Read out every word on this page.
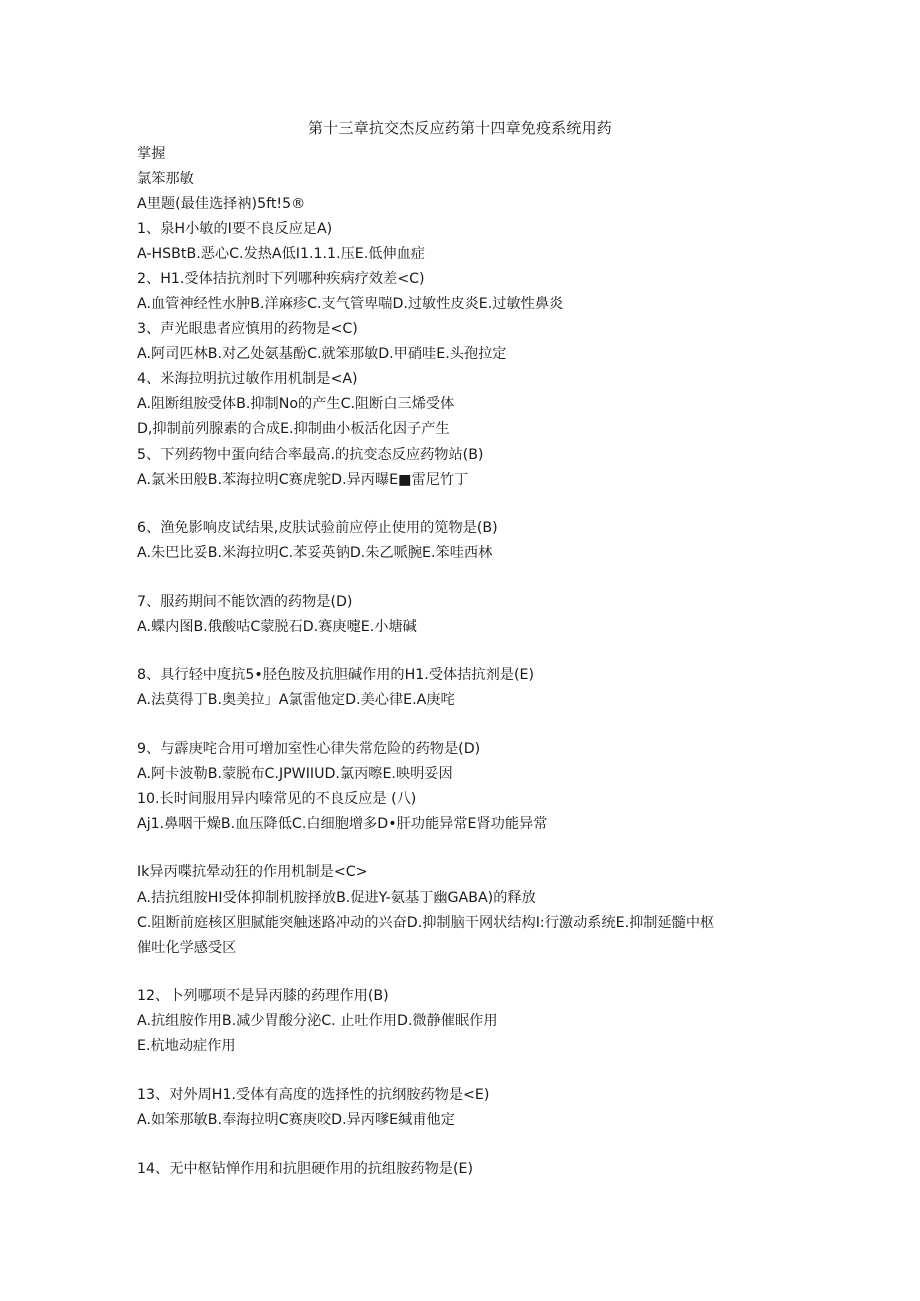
第十三章抗交杰反应药第十四章免疫系统用药
掌握
氯笨那敏
A里题(最佳选择衲)5ft!5®
1、泉H小敏的I要不良反应足A)
A-HSBtB.恶心C.发热A低I1.1.1.压E.低伸血症
2、H1.受体拮抗剂时下列哪种疾病疗效差<C)
A.血管神经性水肿B.洋麻疹C.支气管卑喘D.过敏性皮炎E.过敏性鼻炎
3、声光眼患者应慎用的药物是<C)
A.阿司匹林B.对乙处氨基酚C.就笨那敏D.甲硝哇E.头孢拉定
4、米海拉明抗过敏作用机制是<A)
A.阻断组胺受体B.抑制No的产生C.阻断白三烯受体
D,抑制前列腺素的合成E.抑制曲小板活化因子产生
5、下列药物中蛋向结合率最高.的抗变态反应药物站(B)
A.氯米田般B.苯海拉明C赛虎鸵D.异丙曝E■雷尼竹丁
6、渔免影响皮试结果,皮肤试验前应停止使用的笕物是(B)
A.朱巴比妥B.米海拉明C.苯妥英钠D.朱乙哌腕E.笨哇西林
7、服药期间不能饮酒的药物是(D)
A.蝶内图B.俄酸咕C蒙脱石D.赛庚嚏E.小塘碱
8、具行轻中度抗5•胫色胺及抗胆碱作用的H1.受体拮抗剂是(E)
A.法莫得丁B.奥美拉」A氯雷他定D.美心律E.A庚咤
9、与霹庚咤合用可增加室性心律失常危险的药物是(D)
A.阿卡波勒B.蒙脱布C.JPWIIUD.氯丙嚓E.映明妥因
10.长时间服用异内嗪常见的不良反应是 (八)
Aj1.鼻咽干燥B.血压降低C.白细胞增多D•肝功能异常E肾功能异常
Ik异丙喋抗晕动狂的作用机制是<C>
A.拮抗组胺HI受体抑制机胺择放B.促进Y-氨基丁幽GABA)的释放
C.阻断前庭核区胆腻能突触迷路冲动的兴奋D.抑制脑干网状结构I:行激动系统E.抑制延髓中枢
催吐化学感受区
12、卜列哪项不是异丙膝的药理作用(B)
A.抗组胺作用B.减少胃酸分泌C. 止吐作用D.微静催眠作用
E.杭地动症作用
13、对外周H1.受体有高度的选择性的抗纲胺药物是<E)
A.如笨那敏B.奉海拉明C赛庚咬D.异丙嗲E缄甫他定
14、无中枢钻惮作用和抗胆硬作用的抗组胺药物是(E)
